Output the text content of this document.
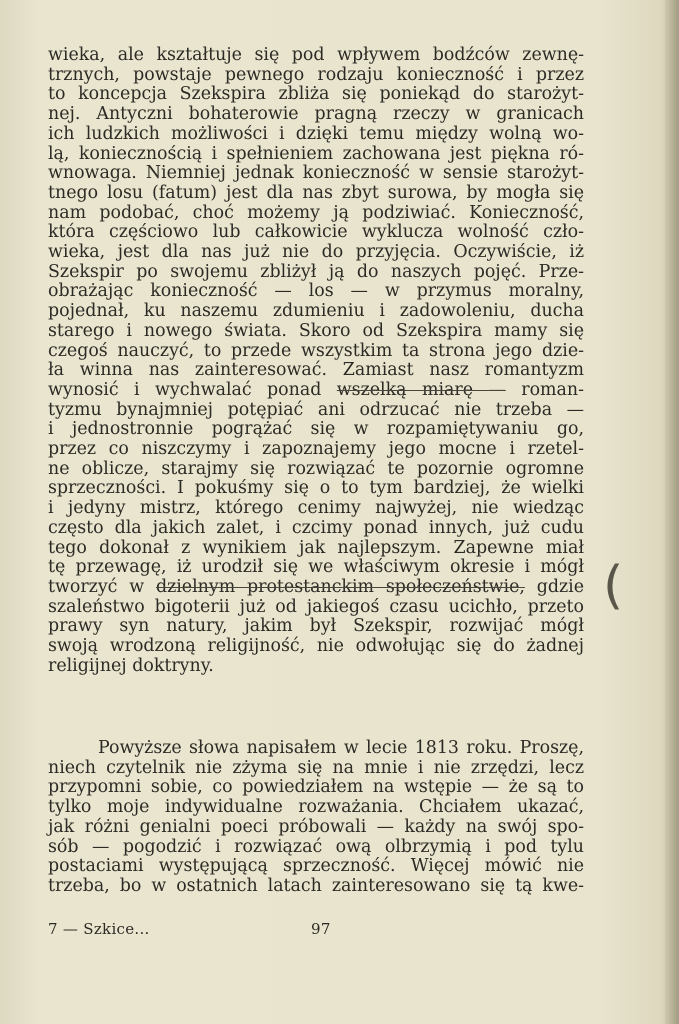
wieka, ale kształtuje się pod wpływem bodźców zewnę-
trznych, powstaje pewnego rodzaju konieczność i przez
to koncepcja Szekspira zbliża się poniekąd do starożyt-
nej. Antyczni bohaterowie pragną rzeczy w granicach
ich ludzkich możliwości i dzięki temu między wolną wo-
lą, koniecznością i spełnieniem zachowana jest piękna ró-
wnowaga. Niemniej jednak konieczność w sensie starożyt-
tnego losu (fatum) jest dla nas zbyt surowa, by mogła się
nam podobać, choć możemy ją podziwiać. Konieczność,
która częściowo lub całkowicie wyklucza wolność czło-
wieka, jest dla nas już nie do przyjęcia. Oczywiście, iż
Szekspir po swojemu zbliżył ją do naszych pojęć. Prze-
obrażając konieczność — los — w przymus moralny,
pojednał, ku naszemu zdumieniu i zadowoleniu, ducha
starego i nowego świata. Skoro od Szekspira mamy się
czegoś nauczyć, to przede wszystkim ta strona jego dzie-
ła winna nas zainteresować. Zamiast nasz romantyzm
wynosić i wychwalać ponad wszelką miarę — roman-
tyzmu bynajmniej potępiać ani odrzucać nie trzeba —
i jednostronnie pogrążać się w rozpamiętywaniu go,
przez co niszczymy i zapoznajemy jego mocne i rzetel-
ne oblicze, starajmy się rozwiązać te pozornie ogromne
sprzeczności. I pokuśmy się o to tym bardziej, że wielki
i jedyny mistrz, którego cenimy najwyżej, nie wiedząc
często dla jakich zalet, i czcimy ponad innych, już cudu
tego dokonał z wynikiem jak najlepszym. Zapewne miał
tę przewagę, iż urodził się we właściwym okresie i mógł
tworzyć w dzielnym protestanckim społeczeństwie, gdzie
szaleństwo bigoterii już od jakiegoś czasu ucichło, przeto
prawy syn natury, jakim był Szekspir, rozwijać mógł
swoją wrodzoną religijność, nie odwołując się do żadnej
religijnej doktryny.
Powyższe słowa napisałem w lecie 1813 roku. Proszę,
niech czytelnik nie zżyma się na mnie i nie zrzędzi, lecz
przypomni sobie, co powiedziałem na wstępie — że są to
tylko moje indywidualne rozważania. Chciałem ukazać,
jak różni genialni poeci próbowali — każdy na swój spo-
sób — pogodzić i rozwiązać ową olbrzymią i pod tylu
postaciami występującą sprzeczność. Więcej mówić nie
trzeba, bo w ostatnich latach zainteresowano się tą kwe-
(
7 — Szkice...	97
